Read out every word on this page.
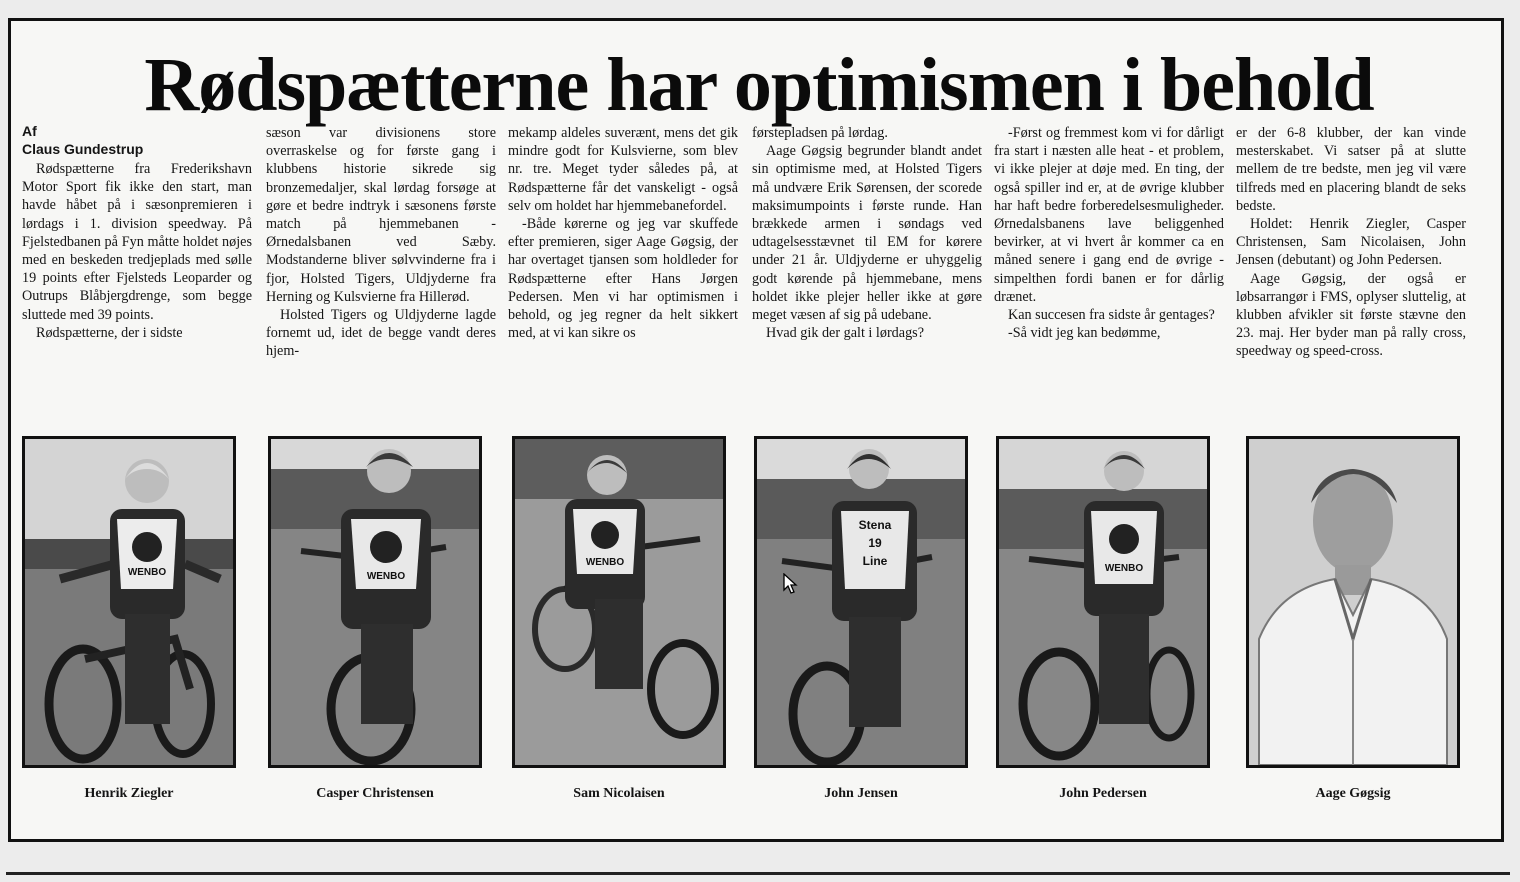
Rødspætterne har optimismen i behold
Af
Claus Gundestrup

Rødspætterne fra Frederikshavn Motor Sport fik ikke den start, man havde håbet på i sæsonpremieren i lørdags i 1. division speedway. På Fjelstedbanen på Fyn måtte holdet nøjes med en beskeden tredjeplads med sølle 19 points efter Fjelsteds Leoparder og Outrups Blåbjergdrenge, som begge sluttede med 39 points.

Rødspætterne, der i sidste

sæson var divisionens store overraskelse og for første gang i klubbens historie sikrede sig bronzemedaljer, skal lørdag forsøge at gøre et bedre indtryk i sæsonens første match på hjemmebanen - Ørnedalsbanen ved Sæby. Modstanderne bliver sølvvinderne fra i fjor, Holsted Tigers, Uldjyderne fra Herning og Kulsvierne fra Hillerød.

Holsted Tigers og Uldjyderne lagde fornemt ud, idet de begge vandt deres hjem-

mekamp aldeles suverænt, mens det gik mindre godt for Kulsvierne, som blev nr. tre. Meget tyder således på, at Rødspætterne får det vanskeligt - også selv om holdet har hjemmebanefordel.

-Både kørerne og jeg var skuffede efter premieren, siger Aage Gøgsig, der har overtaget tjansen som holdleder for Rødspætterne efter Hans Jørgen Pedersen. Men vi har optimismen i behold, og jeg regner da helt sikkert med, at vi kan sikre os

førstepladsen på lørdag.

Aage Gøgsig begrunder blandt andet sin optimisme med, at Holsted Tigers må undvære Erik Sørensen, der scorede maksimumpoints i første runde. Han brækkede armen i søndags ved udtagelsesstævnet til EM for kørere under 21 år. Uldjyderne er uhyggelig godt kørende på hjemmebane, mens holdet ikke plejer heller ikke at gøre meget væsen af sig på udebane.

Hvad gik der galt i lørdags?

-Først og fremmest kom vi for dårligt fra start i næsten alle heat - et problem, vi ikke plejer at døje med. En ting, der også spiller ind er, at de øvrige klubber har haft bedre forberedelsesmuligheder. Ørnedalsbanens lave beliggenhed bevirker, at vi hvert år kommer ca en måned senere i gang end de øvrige - simpelthen fordi banen er for dårlig drænet.

Kan succesen fra sidste år gentages?

-Så vidt jeg kan bedømme,

er der 6-8 klubber, der kan vinde mesterskabet. Vi satser på at slutte mellem de tre bedste, men jeg vil være tilfreds med en placering blandt de seks bedste.

Holdet: Henrik Ziegler, Casper Christensen, Sam Nicolaisen, John Jensen (debutant) og John Pedersen.

Aage Gøgsig, der også er løbsarrangør i FMS, oplyser sluttelig, at klubben afvikler sit første stævne den 23. maj. Her byder man på rally cross, speedway og speed-cross.

WENBO	WENBO
WENBO
Stena
19
Line
WENBO
Henrik Ziegler	Casper Christensen	Sam Nicolaisen	John Jensen	John Pedersen	Aage Gøgsig
